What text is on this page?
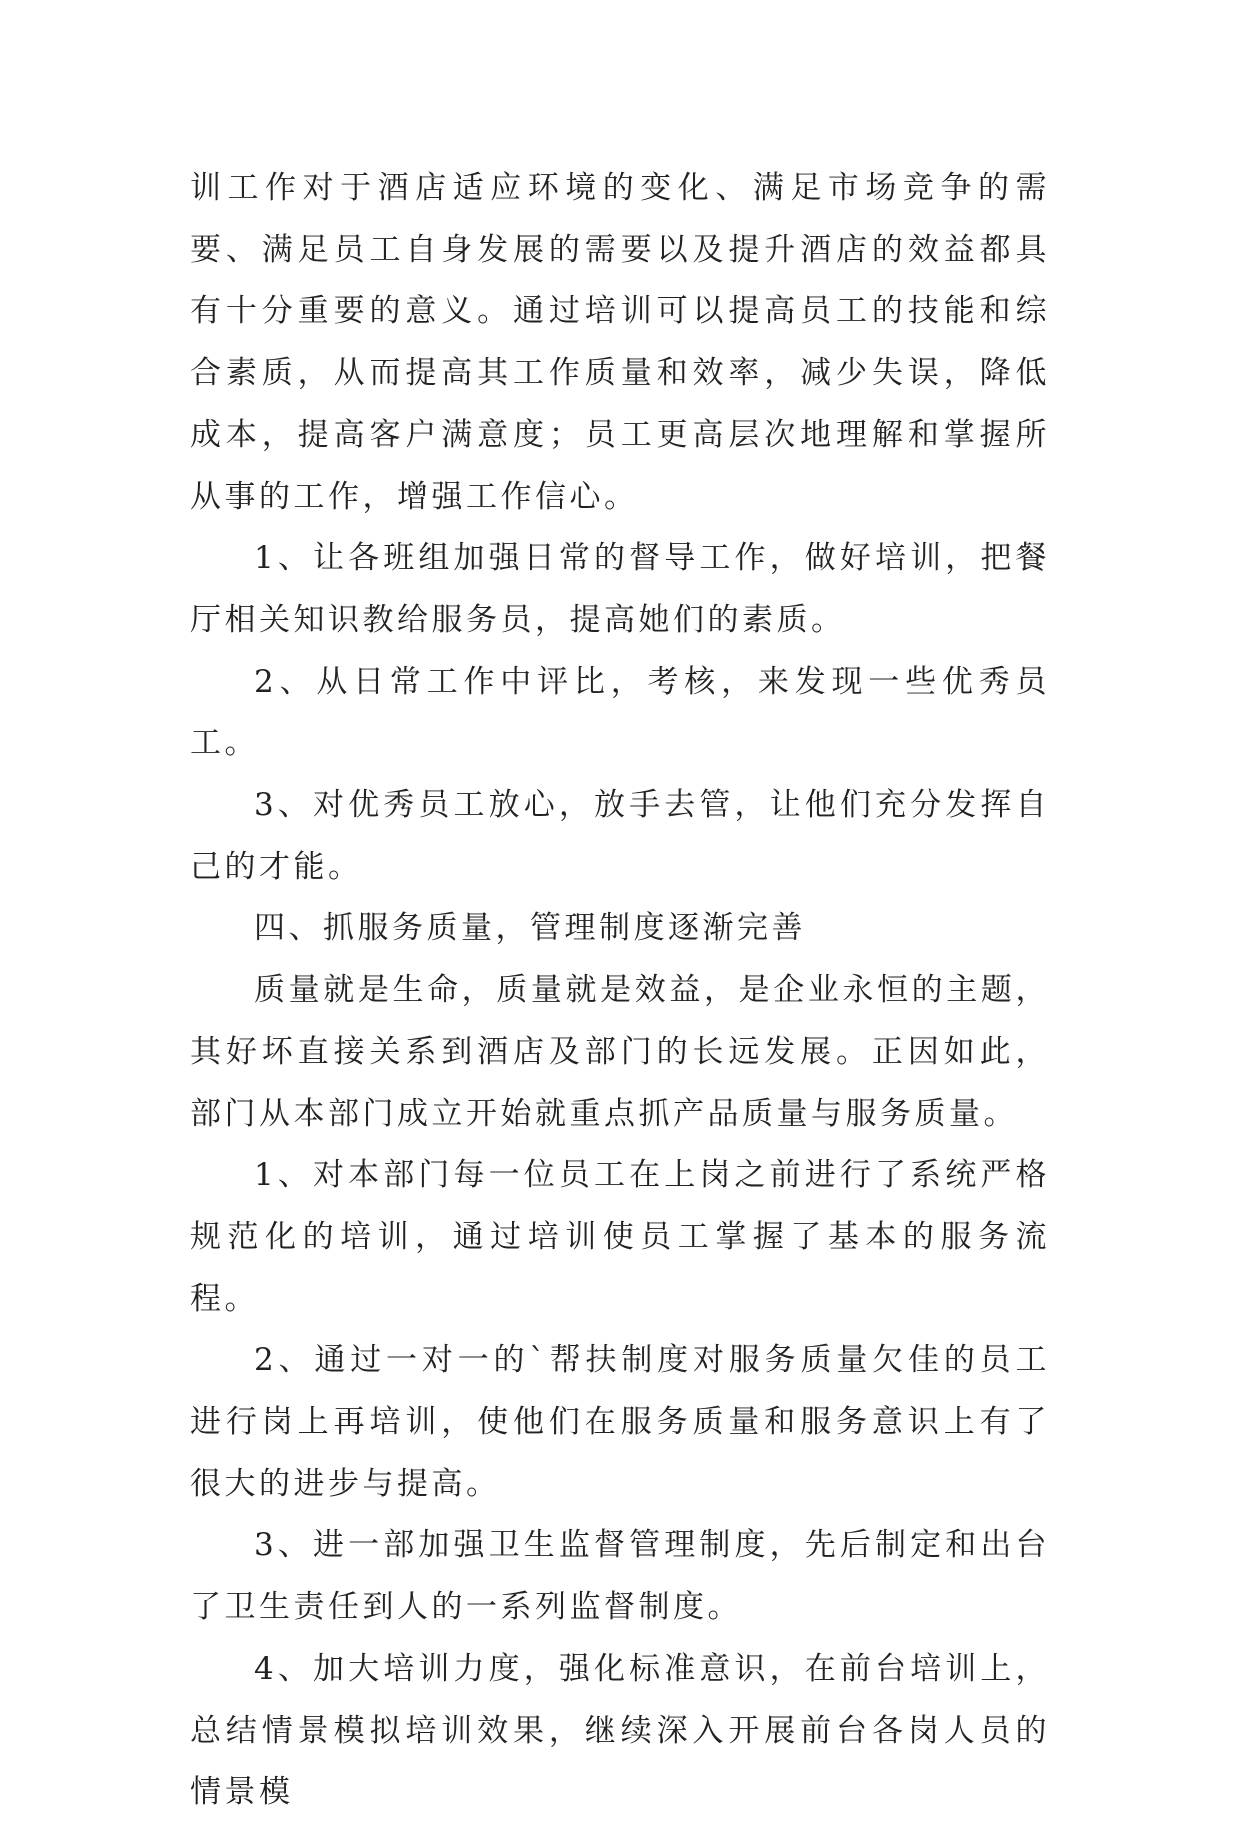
训工作对于酒店适应环境的变化、满足市场竞争的需要、满足员工自身发展的需要以及提升酒店的效益都具有十分重要的意义。通过培训可以提高员工的技能和综合素质，从而提高其工作质量和效率，减少失误，降低成本，提高客户满意度；员工更高层次地理解和掌握所从事的工作，增强工作信心。

1、让各班组加强日常的督导工作，做好培训，把餐厅相关知识教给服务员，提高她们的素质。

2、从日常工作中评比，考核，来发现一些优秀员工。

3、对优秀员工放心，放手去管，让他们充分发挥自己的才能。

四、抓服务质量，管理制度逐渐完善

质量就是生命，质量就是效益，是企业永恒的主题，其好坏直接关系到酒店及部门的长远发展。正因如此，部门从本部门成立开始就重点抓产品质量与服务质量。

1、对本部门每一位员工在上岗之前进行了系统严格规范化的培训，通过培训使员工掌握了基本的服务流程。

2、通过一对一的`帮扶制度对服务质量欠佳的员工进行岗上再培训，使他们在服务质量和服务意识上有了很大的进步与提高。

3、进一部加强卫生监督管理制度，先后制定和出台了卫生责任到人的一系列监督制度。

4、加大培训力度，强化标准意识，在前台培训上，总结情景模拟培训效果，继续深入开展前台各岗人员的情景模
